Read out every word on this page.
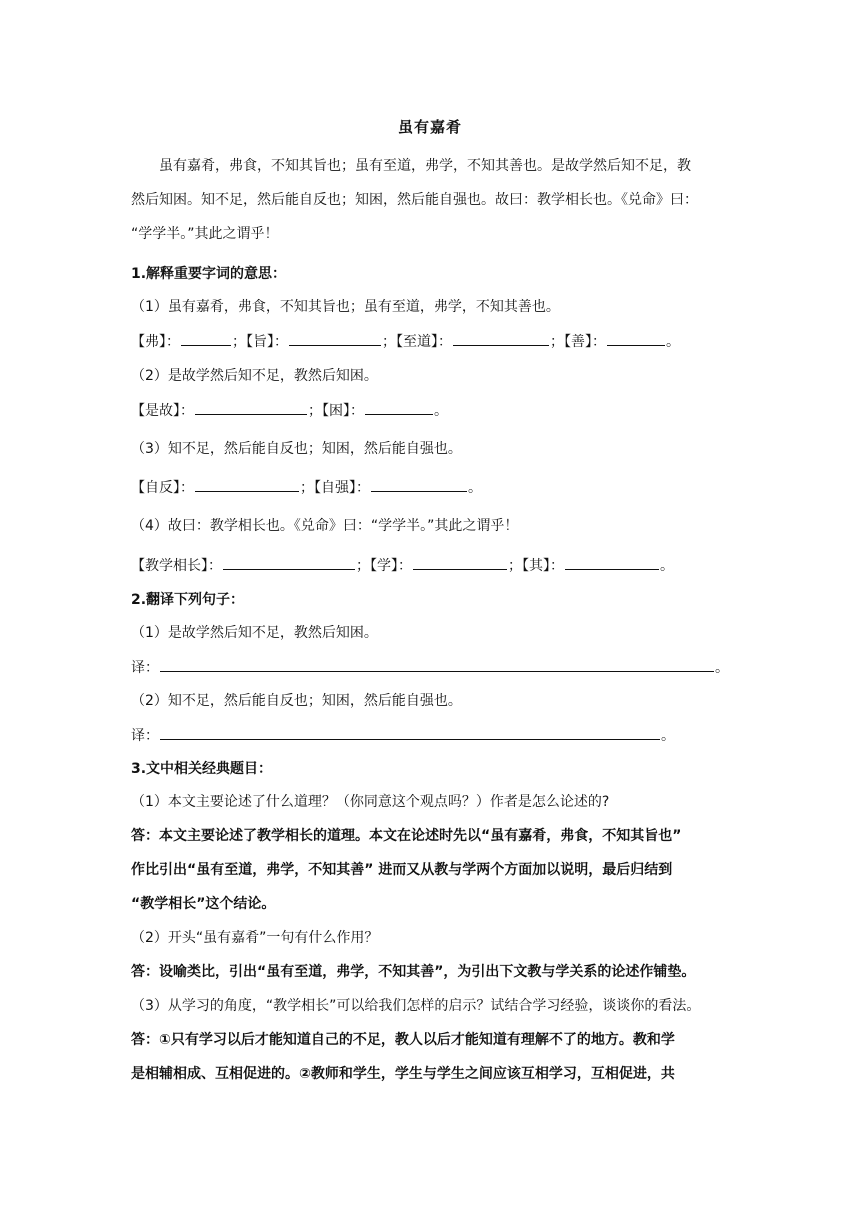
虽有嘉肴
虽有嘉肴，弗食，不知其旨也；虽有至道，弗学，不知其善也。是故学然后知不足，教
然后知困。知不足，然后能自反也；知困，然后能自强也。故曰：教学相长也。《兑命》曰：
“学学半。”其此之谓乎！
1.解释重要字词的意思：
（1）虽有嘉肴，弗食，不知其旨也；虽有至道，弗学，不知其善也。
【弗】：	；【旨】：	；【至道】：	；【善】：	。
（2）是故学然后知不足，教然后知困。
【是故】：	；【困】：	。
（3）知不足，然后能自反也；知困，然后能自强也。
【自反】：	；【自强】：	。
（4）故曰：教学相长也。《兑命》曰：“学学半。”其此之谓乎！
【教学相长】：	；【学】：	；【其】：	。
2.翻译下列句子：
（1）是故学然后知不足，教然后知困。
译：	。
（2）知不足，然后能自反也；知困，然后能自强也。
译：	。
3.文中相关经典题目：
（1）本文主要论述了什么道理？（你同意这个观点吗？）作者是怎么论述的?
答：本文主要论述了教学相长的道理。本文在论述时先以“虽有嘉肴，弗食，不知其旨也”
作比引出“虽有至道，弗学，不知其善” 进而又从教与学两个方面加以说明，最后归结到
“教学相长”这个结论。
（2）开头“虽有嘉肴”一句有什么作用？
答：设喻类比，引出“虽有至道，弗学，不知其善”，为引出下文教与学关系的论述作铺垫。
（3）从学习的角度，“教学相长”可以给我们怎样的启示？试结合学习经验，谈谈你的看法。
答：①只有学习以后才能知道自己的不足，教人以后才能知道有理解不了的地方。教和学
是相辅相成、互相促进的。②教师和学生，学生与学生之间应该互相学习，互相促进，共
